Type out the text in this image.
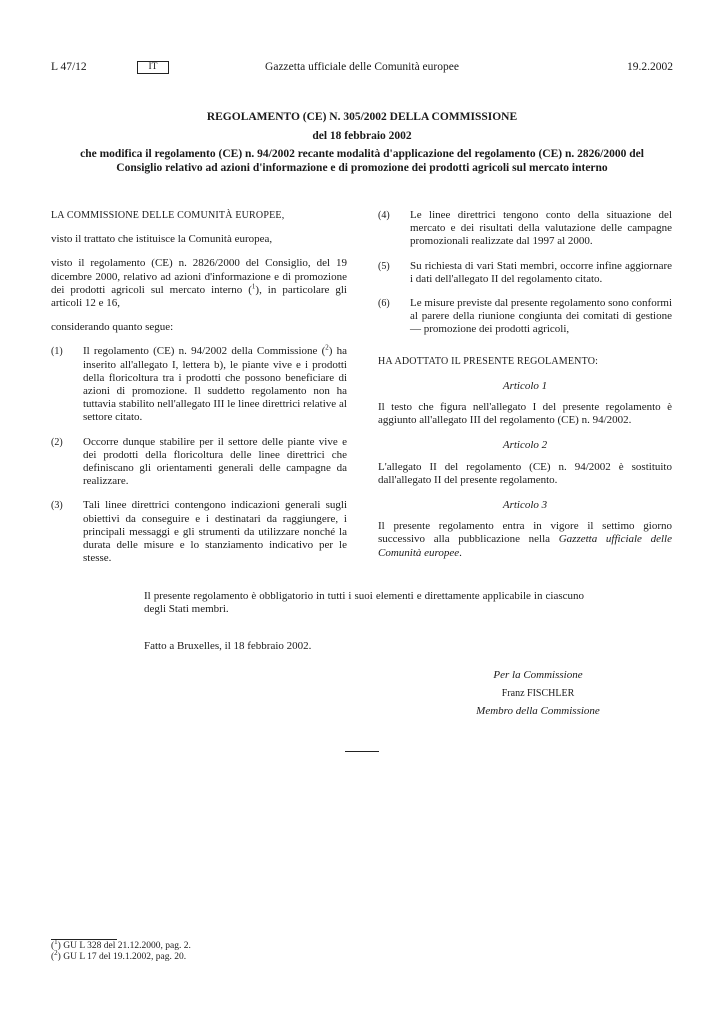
L 47/12	IT	Gazzetta ufficiale delle Comunità europee	19.2.2002
REGOLAMENTO (CE) N. 305/2002 DELLA COMMISSIONE
del 18 febbraio 2002
che modifica il regolamento (CE) n. 94/2002 recante modalità d'applicazione del regolamento (CE) n. 2826/2000 del Consiglio relativo ad azioni d'informazione e di promozione dei prodotti agricoli sul mercato interno

LA COMMISSIONE DELLE COMUNITÀ EUROPEE,

visto il trattato che istituisce la Comunità europea,

visto il regolamento (CE) n. 2826/2000 del Consiglio, del 19 dicembre 2000, relativo ad azioni d'informazione e di promozione dei prodotti agricoli sul mercato interno ($^1$), in particolare gli articoli 12 e 16,

considerando quanto segue:

(1)	Il regolamento (CE) n. 94/2002 della Commissione ($^2$) ha inserito all'allegato I, lettera b), le piante vive e i prodotti della floricoltura tra i prodotti che possono beneficiare di azioni di promozione. Il suddetto regolamento non ha tuttavia stabilito nell'allegato III le linee direttrici relative al settore citato.
(2)	Occorre dunque stabilire per il settore delle piante vive e dei prodotti della floricoltura delle linee direttrici che definiscano gli orientamenti generali delle campagne da realizzare.
(3)	Tali linee direttrici contengono indicazioni generali sugli obiettivi da conseguire e i destinatari da raggiungere, i principali messaggi e gli strumenti da utilizzare nonché la durata delle misure e lo stanziamento indicativo per le stesse.
(4)	Le linee direttrici tengono conto della situazione del mercato e dei risultati della valutazione delle campagne promozionali realizzate dal 1997 al 2000.
(5)	Su richiesta di vari Stati membri, occorre infine aggiornare i dati dell'allegato II del regolamento citato.
(6)	Le misure previste dal presente regolamento sono conformi al parere della riunione congiunta dei comitati di gestione — promozione dei prodotti agricoli,

HA ADOTTATO IL PRESENTE REGOLAMENTO:

Articolo 1

Il testo che figura nell'allegato I del presente regolamento è aggiunto all'allegato III del regolamento (CE) n. 94/2002.

Articolo 2

L'allegato II del regolamento (CE) n. 94/2002 è sostituito dall'allegato II del presente regolamento.

Articolo 3

Il presente regolamento entra in vigore il settimo giorno successivo alla pubblicazione nella Gazzetta ufficiale delle Comunità europee.

Il presente regolamento è obbligatorio in tutti i suoi elementi e direttamente applicabile in ciascuno degli Stati membri.
Fatto a Bruxelles, il 18 febbraio 2002.
Per la Commissione
Franz FISCHLER
Membro della Commissione
($^1$) GU L 328 del 21.12.2000, pag. 2.
($^2$) GU L 17 del 19.1.2002, pag. 20.
